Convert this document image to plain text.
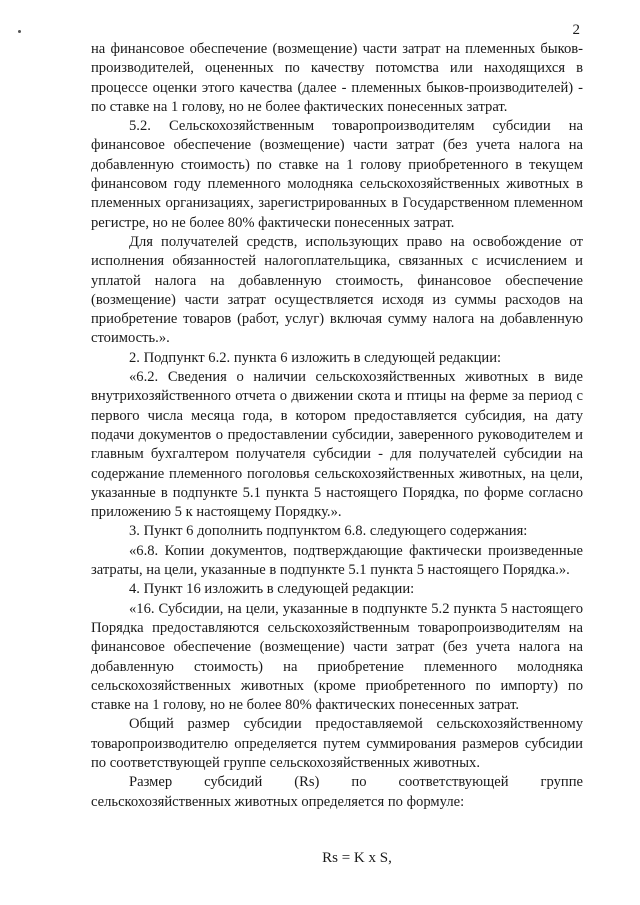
2

на финансовое обеспечение (возмещение) части затрат на племенных быков-производителей, оцененных по качеству потомства или находящихся в процессе оценки этого качества (далее - племенных быков-производителей) - по ставке на 1 голову, но не более фактических понесенных затрат.

5.2. Сельскохозяйственным товаропроизводителям субсидии на финансовое обеспечение (возмещение) части затрат (без учета налога на добавленную стоимость) по ставке на 1 голову приобретенного в текущем финансовом году племенного молодняка сельскохозяйственных животных в племенных организациях, зарегистрированных в Государственном племенном регистре, но не более 80% фактически понесенных затрат.

Для получателей средств, использующих право на освобождение от исполнения обязанностей налогоплательщика, связанных с исчислением и уплатой налога на добавленную стоимость, финансовое обеспечение (возмещение) части затрат осуществляется исходя из суммы расходов на приобретение товаров (работ, услуг) включая сумму налога на добавленную стоимость.».

2. Подпункт 6.2. пункта 6 изложить в следующей редакции:

«6.2. Сведения о наличии сельскохозяйственных животных в виде внутрихозяйственного отчета о движении скота и птицы на ферме за период с первого числа месяца года, в котором предоставляется субсидия, на дату подачи документов о предоставлении субсидии, заверенного руководителем и главным бухгалтером получателя субсидии - для получателей субсидии на содержание племенного поголовья сельскохозяйственных животных, на цели, указанные в подпункте 5.1 пункта 5 настоящего Порядка, по форме согласно приложению 5 к настоящему Порядку.».

3. Пункт 6 дополнить подпунктом 6.8. следующего содержания:

«6.8. Копии документов, подтверждающие фактически произведенные затраты, на цели, указанные в подпункте 5.1 пункта 5 настоящего Порядка.».

4. Пункт 16 изложить в следующей редакции:

«16. Субсидии, на цели, указанные в подпункте 5.2 пункта 5 настоящего Порядка предоставляются сельскохозяйственным товаропроизводителям на финансовое обеспечение (возмещение) части затрат (без учета налога на добавленную стоимость) на приобретение племенного молодняка сельскохозяйственных животных (кроме приобретенного по импорту) по ставке на 1 голову, но не более 80% фактических понесенных затрат.

Общий размер субсидии предоставляемой сельскохозяйственному товаропроизводителю определяется путем суммирования размеров субсидии по соответствующей группе сельскохозяйственных животных.

Размер субсидий (Rs) по соответствующей группе сельскохозяйственных животных определяется по формуле:

Rs = K x S,
